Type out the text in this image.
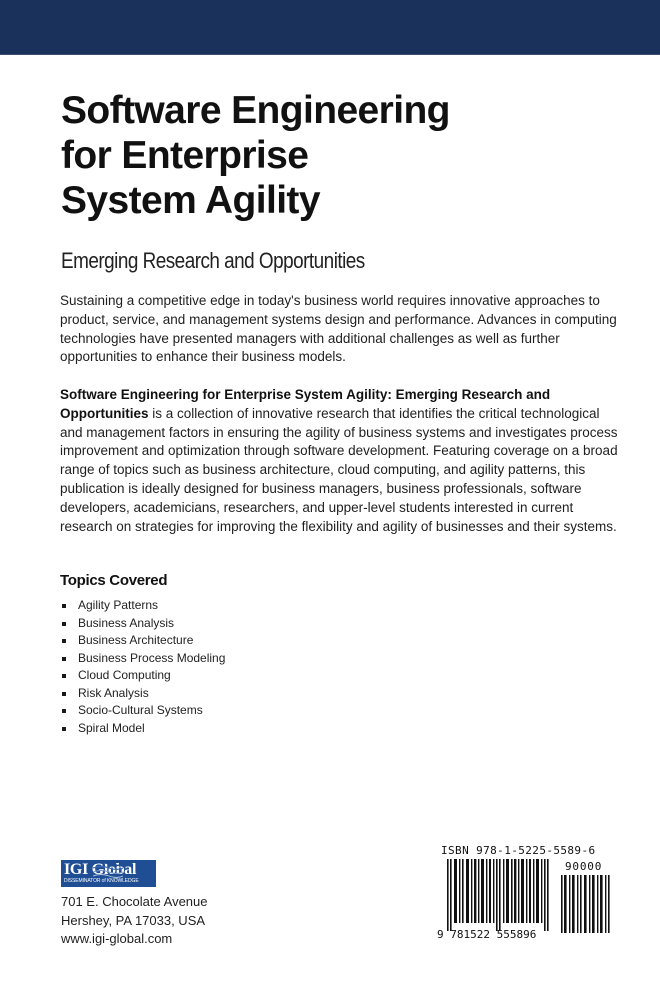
Software Engineering
for Enterprise
System Agility
Emerging Research and Opportunities

Sustaining a competitive edge in today's business world requires innovative approaches to product, service, and management systems design and performance. Advances in computing technologies have presented managers with additional challenges as well as further opportunities to enhance their business models.

Software Engineering for Enterprise System Agility: Emerging Research and Opportunities is a collection of innovative research that identifies the critical technological and management factors in ensuring the agility of business systems and investigates process improvement and optimization through software development. Featuring coverage on a broad range of topics such as business architecture, cloud computing, and agility patterns, this publication is ideally designed for business managers, business professionals, software developers, academicians, researchers, and upper-level students interested in current research on strategies for improving the flexibility and agility of businesses and their systems.

Topics Covered
Agility Patterns
Business Analysis
Business Architecture
Business Process Modeling
Cloud Computing
Risk Analysis
Socio-Cultural Systems
Spiral Model
IGI Global
DISSEMINATOR of KNOWLEDGE
701 E. Chocolate Avenue
Hershey, PA 17033, USA
www.igi-global.com
ISBN 978-1-5225-5589-6
90000
9 781522 555896
